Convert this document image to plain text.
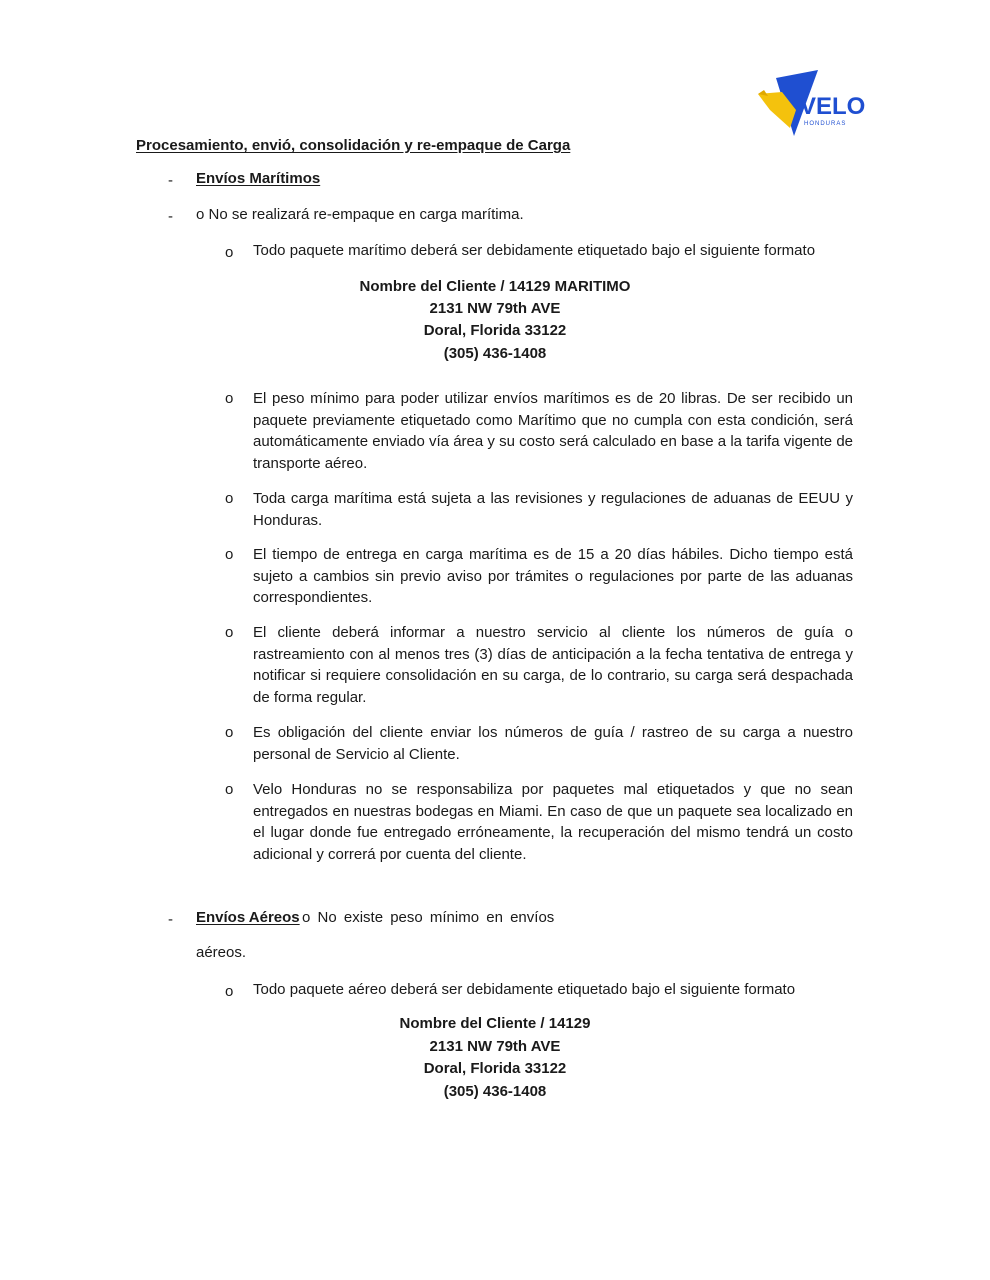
VELO
HONDURAS

Procesamiento, envió, consolidación y re-empaque de Carga

- Envíos Marítimos

- o No se realizará re-empaque en carga marítima.

o Todo paquete marítimo deberá ser debidamente etiquetado bajo el siguiente formato

Nombre del Cliente / 14129 MARITIMO

2131 NW 79th AVE

Doral, Florida 33122

(305) 436-1408

o El peso mínimo para poder utilizar envíos marítimos es de 20 libras. De ser recibido un paquete previamente etiquetado como Marítimo que no cumpla con esta condición, será automáticamente enviado vía área y su costo será calculado en base a la tarifa vigente de transporte aéreo.

o Toda carga marítima está sujeta a las revisiones y regulaciones de aduanas de EEUU y Honduras.

o El tiempo de entrega en carga marítima es de 15 a 20 días hábiles. Dicho tiempo está sujeto a cambios sin previo aviso por trámites o regulaciones por parte de las aduanas correspondientes.

o El cliente deberá informar a nuestro servicio al cliente los números de guía o rastreamiento con al menos tres (3) días de anticipación a la fecha tentativa de entrega y notificar si requiere consolidación en su carga, de lo contrario, su carga será despachada de forma regular.

o Es obligación del cliente enviar los números de guía / rastreo de su carga a nuestro personal de Servicio al Cliente.

o Velo Honduras no se responsabiliza por paquetes mal etiquetados y que no sean entregados en nuestras bodegas en Miami. En caso de que un paquete sea localizado en el lugar donde fue entregado erróneamente, la recuperación del mismo tendrá un costo adicional y correrá por cuenta del cliente.

- Envíos Aéreos o No existe peso mínimo en envíos

aéreos.

o Todo paquete aéreo deberá ser debidamente etiquetado bajo el siguiente formato

Nombre del Cliente / 14129

2131 NW 79th AVE

Doral, Florida 33122

(305) 436-1408
